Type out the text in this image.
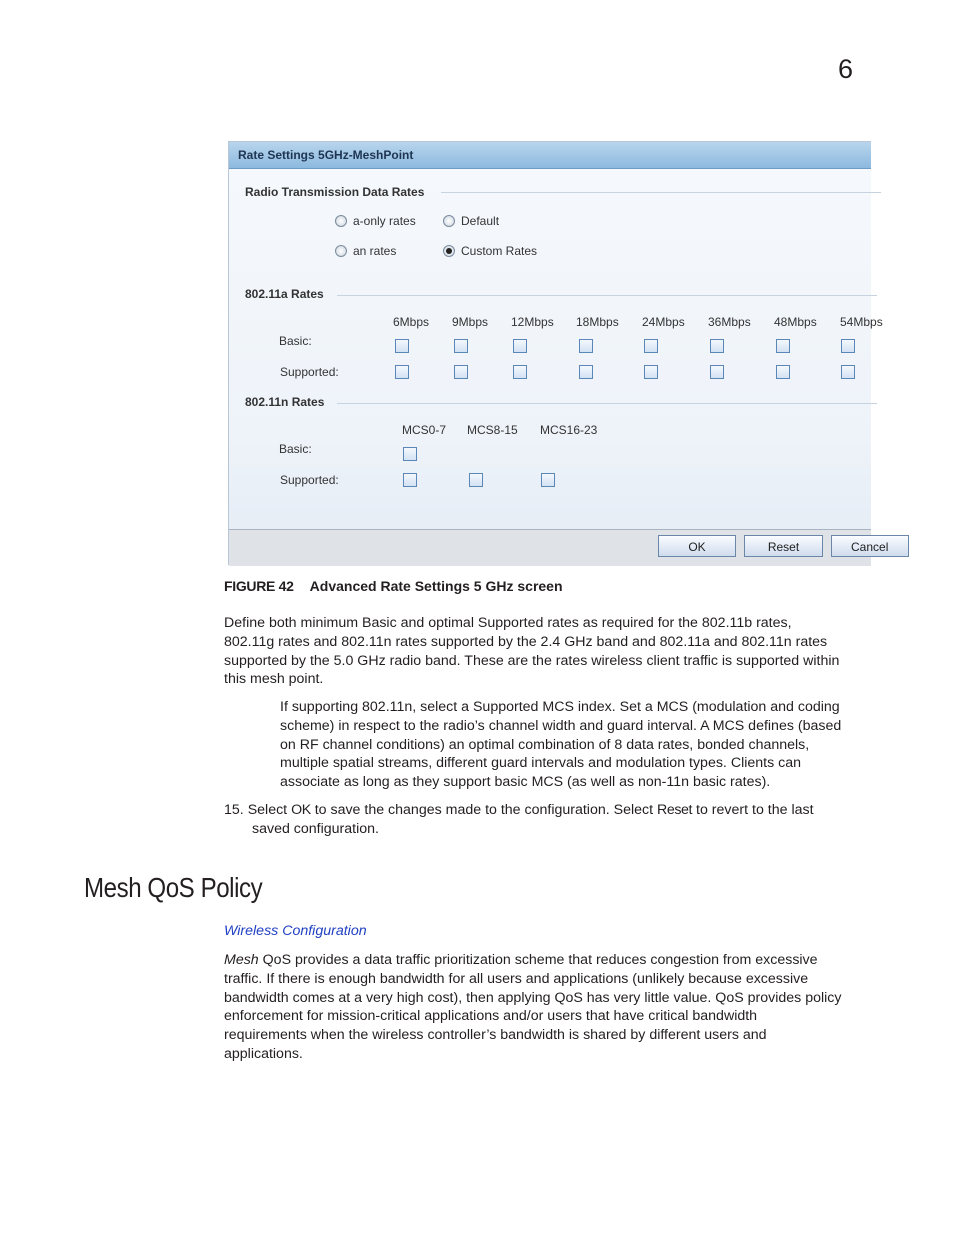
6
Rate Settings 5GHz-MeshPoint
Radio Transmission Data Rates
a-only rates	Default
an rates	Custom Rates
802.11a Rates
6Mbps 9Mbps 12Mbps 18Mbps 24Mbps 36Mbps 48Mbps 54Mbps
Basic:
Supported:
802.11n Rates
MCS0-7 MCS8-15 MCS16-23
Basic:
Supported:
OK	Reset	Cancel
FIGURE 42 Advanced Rate Settings 5 GHz screen
Define both minimum Basic and optimal Supported rates as required for the 802.11b rates,
802.11g rates and 802.11n rates supported by the 2.4 GHz band and 802.11a and 802.11n rates
supported by the 5.0 GHz radio band. These are the rates wireless client traffic is supported within
this mesh point.
If supporting 802.11n, select a Supported MCS index. Set a MCS (modulation and coding
scheme) in respect to the radio’s channel width and guard interval. A MCS defines (based
on RF channel conditions) an optimal combination of 8 data rates, bonded channels,
multiple spatial streams, different guard intervals and modulation types. Clients can
associate as long as they support basic MCS (as well as non-11n basic rates).
15. Select OK to save the changes made to the configuration. Select Reset to revert to the last
saved configuration.
Mesh QoS Policy
Wireless Configuration
Mesh QoS provides a data traffic prioritization scheme that reduces congestion from excessive
traffic. If there is enough bandwidth for all users and applications (unlikely because excessive
bandwidth comes at a very high cost), then applying QoS has very little value. QoS provides policy
enforcement for mission-critical applications and/or users that have critical bandwidth
requirements when the wireless controller’s bandwidth is shared by different users and
applications.
